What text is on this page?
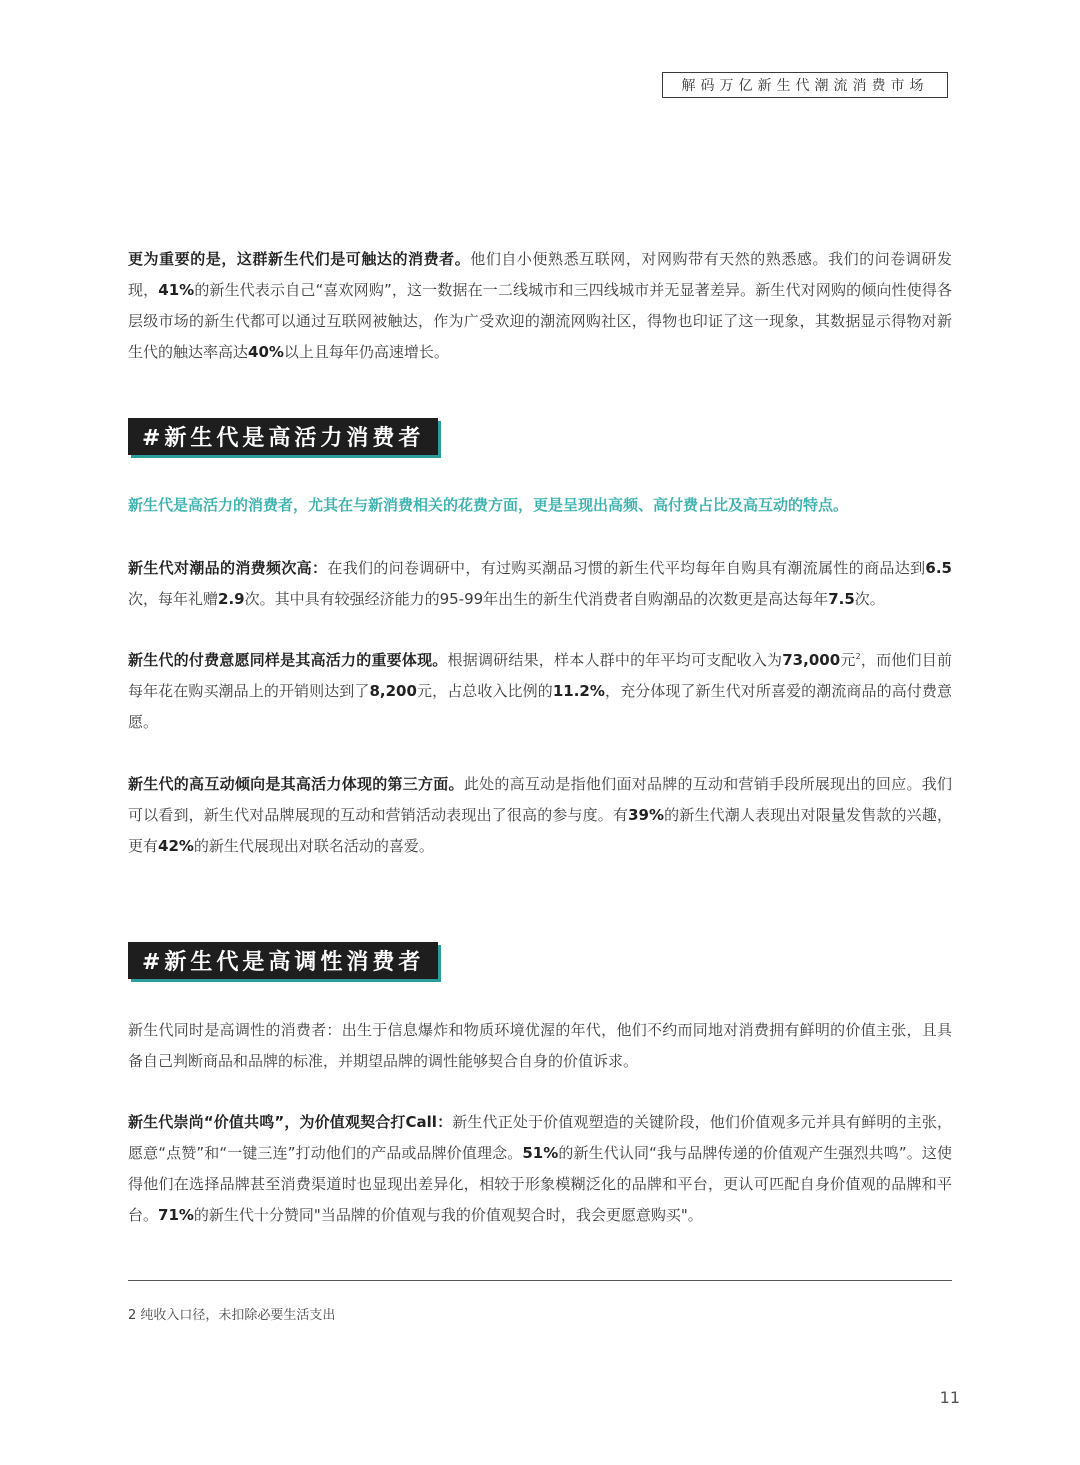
解码万亿新生代潮流消费市场

更为重要的是，这群新生代们是可触达的消费者。他们自小便熟悉互联网，对网购带有天然的熟悉感。我们的问卷调研发现，41%的新生代表示自己“喜欢网购”，这一数据在一二线城市和三四线城市并无显著差异。新生代对网购的倾向性使得各层级市场的新生代都可以通过互联网被触达，作为广受欢迎的潮流网购社区，得物也印证了这一现象，其数据显示得物对新生代的触达率高达40%以上且每年仍高速增长。

#新生代是高活力消费者

新生代是高活力的消费者，尤其在与新消费相关的花费方面，更是呈现出高频、高付费占比及高互动的特点。

新生代对潮品的消费频次高：在我们的问卷调研中，有过购买潮品习惯的新生代平均每年自购具有潮流属性的商品达到6.5次，每年礼赠2.9次。其中具有较强经济能力的95-99年出生的新生代消费者自购潮品的次数更是高达每年7.5次。

新生代的付费意愿同样是其高活力的重要体现。根据调研结果，样本人群中的年平均可支配收入为73,000元$^2$，而他们目前每年花在购买潮品上的开销则达到了8,200元，占总收入比例的11.2%，充分体现了新生代对所喜爱的潮流商品的高付费意愿。

新生代的高互动倾向是其高活力体现的第三方面。此处的高互动是指他们面对品牌的互动和营销手段所展现出的回应。我们可以看到，新生代对品牌展现的互动和营销活动表现出了很高的参与度。有39%的新生代潮人表现出对限量发售款的兴趣，更有42%的新生代展现出对联名活动的喜爱。

#新生代是高调性消费者

新生代同时是高调性的消费者：出生于信息爆炸和物质环境优渥的年代，他们不约而同地对消费拥有鲜明的价值主张，且具备自己判断商品和品牌的标准，并期望品牌的调性能够契合自身的价值诉求。

新生代崇尚“价值共鸣”，为价值观契合打Call：新生代正处于价值观塑造的关键阶段，他们价值观多元并具有鲜明的主张，愿意“点赞”和“一键三连”打动他们的产品或品牌价值理念。51%的新生代认同“我与品牌传递的价值观产生强烈共鸣”。这使得他们在选择品牌甚至消费渠道时也显现出差异化，相较于形象模糊泛化的品牌和平台，更认可匹配自身价值观的品牌和平台。71%的新生代十分赞同"当品牌的价值观与我的价值观契合时，我会更愿意购买"。

2 纯收入口径，未扣除必要生活支出
11
